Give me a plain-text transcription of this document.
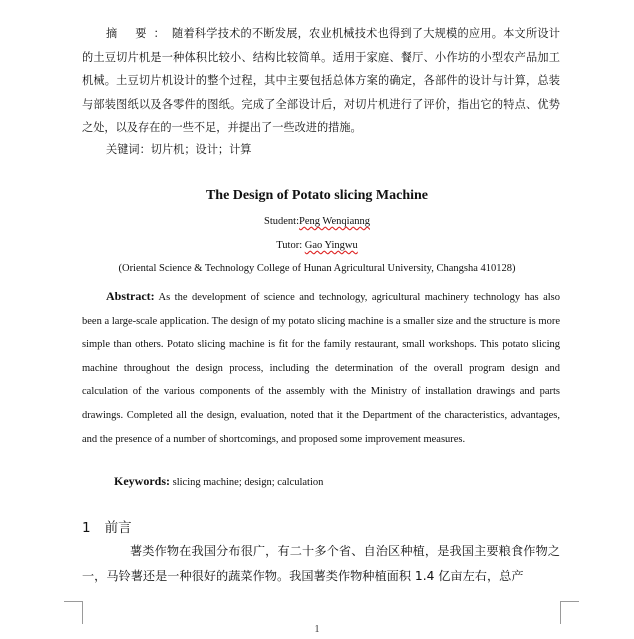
摘 要：随着科学技术的不断发展，农业机械技术也得到了大规模的应用。本文所设计的土豆切片机是一种体积比较小、结构比较简单。适用于家庭、餐厅、小作坊的小型农产品加工机械。土豆切片机设计的整个过程，其中主要包括总体方案的确定，各部件的设计与计算，总装与部装图纸以及各零件的图纸。完成了全部设计后，对切片机进行了评价，指出它的特点、优势之处，以及存在的一些不足，并提出了一些改进的措施。
关键词：切片机；设计；计算
The Design of Potato slicing Machine
Student:Peng Wenqianng
Tutor: Gao Yingwu
(Oriental Science & Technology College of Hunan Agricultural University, Changsha 410128)
Abstract: As the development of science and technology, agricultural machinery technology has also been a large-scale application. The design of my potato slicing machine is a smaller size and the structure is more simple than others. Potato slicing machine is fit for the family restaurant, small workshops. This potato slicing machine throughout the design process, including the determination of the overall program design and calculation of the various components of the assembly with the Ministry of installation drawings and parts drawings. Completed all the design, evaluation, noted that it the Department of the characteristics, advantages, and the presence of a number of shortcomings, and proposed some improvement measures.
Keywords: slicing machine; design; calculation
1 前言
薯类作物在我国分布很广，有二十多个省、自治区种植，是我国主要粮食作物之一，马铃薯还是一种很好的蔬菜作物。我国薯类作物种植面积 1.4 亿亩左右，总产
1
